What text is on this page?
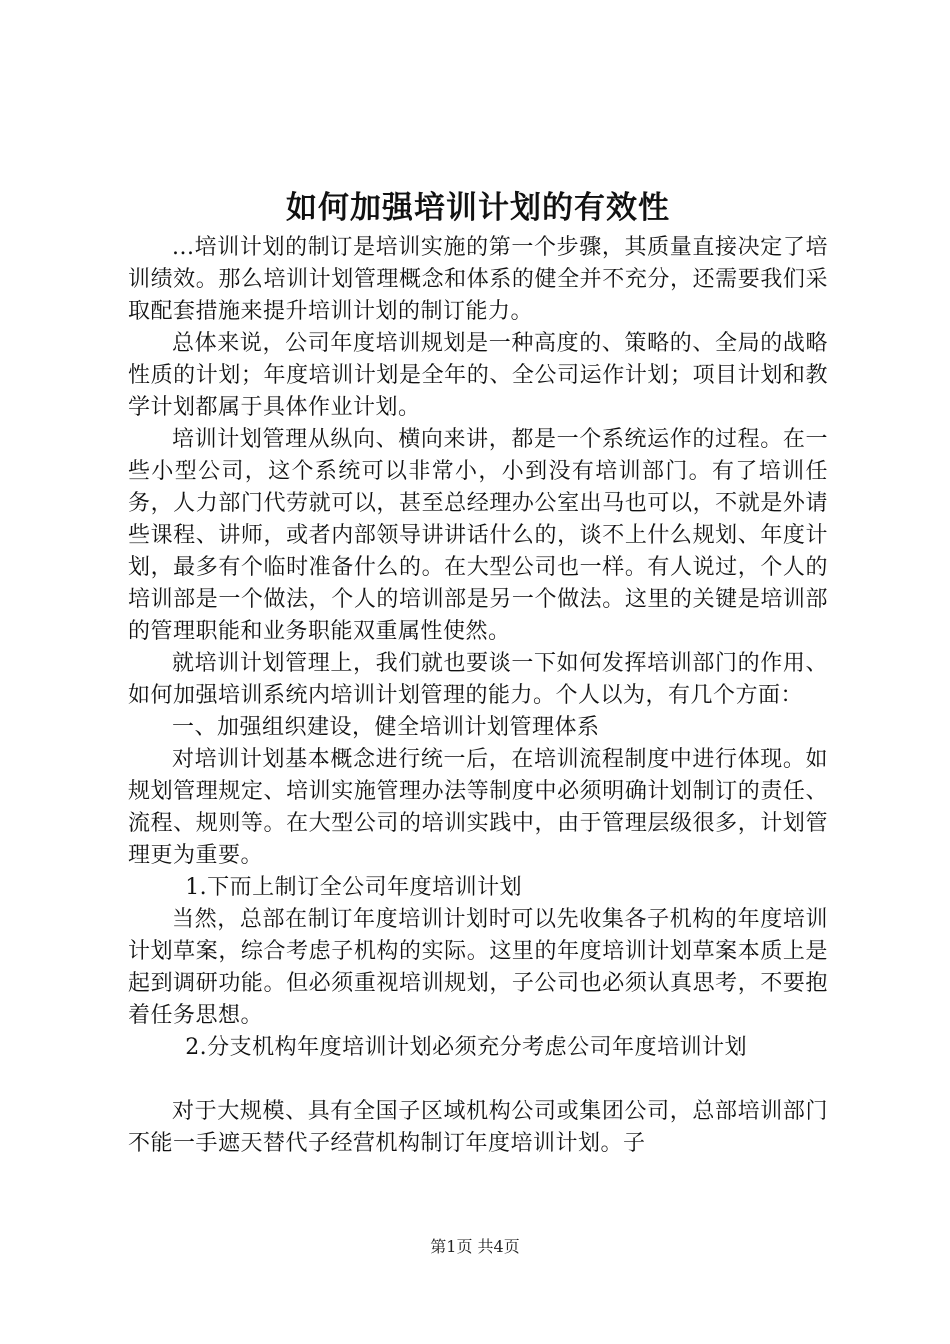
如何加强培训计划的有效性

...培训计划的制订是培训实施的第一个步骤，其质量直接决定了培训绩效。那么培训计划管理概念和体系的健全并不充分，还需要我们采取配套措施来提升培训计划的制订能力。

总体来说，公司年度培训规划是一种高度的、策略的、全局的战略性质的计划；年度培训计划是全年的、全公司运作计划；项目计划和教学计划都属于具体作业计划。

培训计划管理从纵向、横向来讲，都是一个系统运作的过程。在一些小型公司，这个系统可以非常小，小到没有培训部门。有了培训任务，人力部门代劳就可以，甚至总经理办公室出马也可以，不就是外请些课程、讲师，或者内部领导讲讲话什么的，谈不上什么规划、年度计划，最多有个临时准备什么的。在大型公司也一样。有人说过，个人的培训部是一个做法，个人的培训部是另一个做法。这里的关键是培训部的管理职能和业务职能双重属性使然。

就培训计划管理上，我们就也要谈一下如何发挥培训部门的作用、如何加强培训系统内培训计划管理的能力。个人以为，有几个方面：

一、加强组织建设，健全培训计划管理体系

对培训计划基本概念进行统一后，在培训流程制度中进行体现。如规划管理规定、培训实施管理办法等制度中必须明确计划制订的责任、流程、规则等。在大型公司的培训实践中，由于管理层级很多，计划管理更为重要。

1.下而上制订全公司年度培训计划

当然，总部在制订年度培训计划时可以先收集各子机构的年度培训计划草案，综合考虑子机构的实际。这里的年度培训计划草案本质上是起到调研功能。但必须重视培训规划，子公司也必须认真思考，不要抱着任务思想。

2.分支机构年度培训计划必须充分考虑公司年度培训计划

对于大规模、具有全国子区域机构公司或集团公司，总部培训部门不能一手遮天替代子经营机构制订年度培训计划。子

第1页 共4页
